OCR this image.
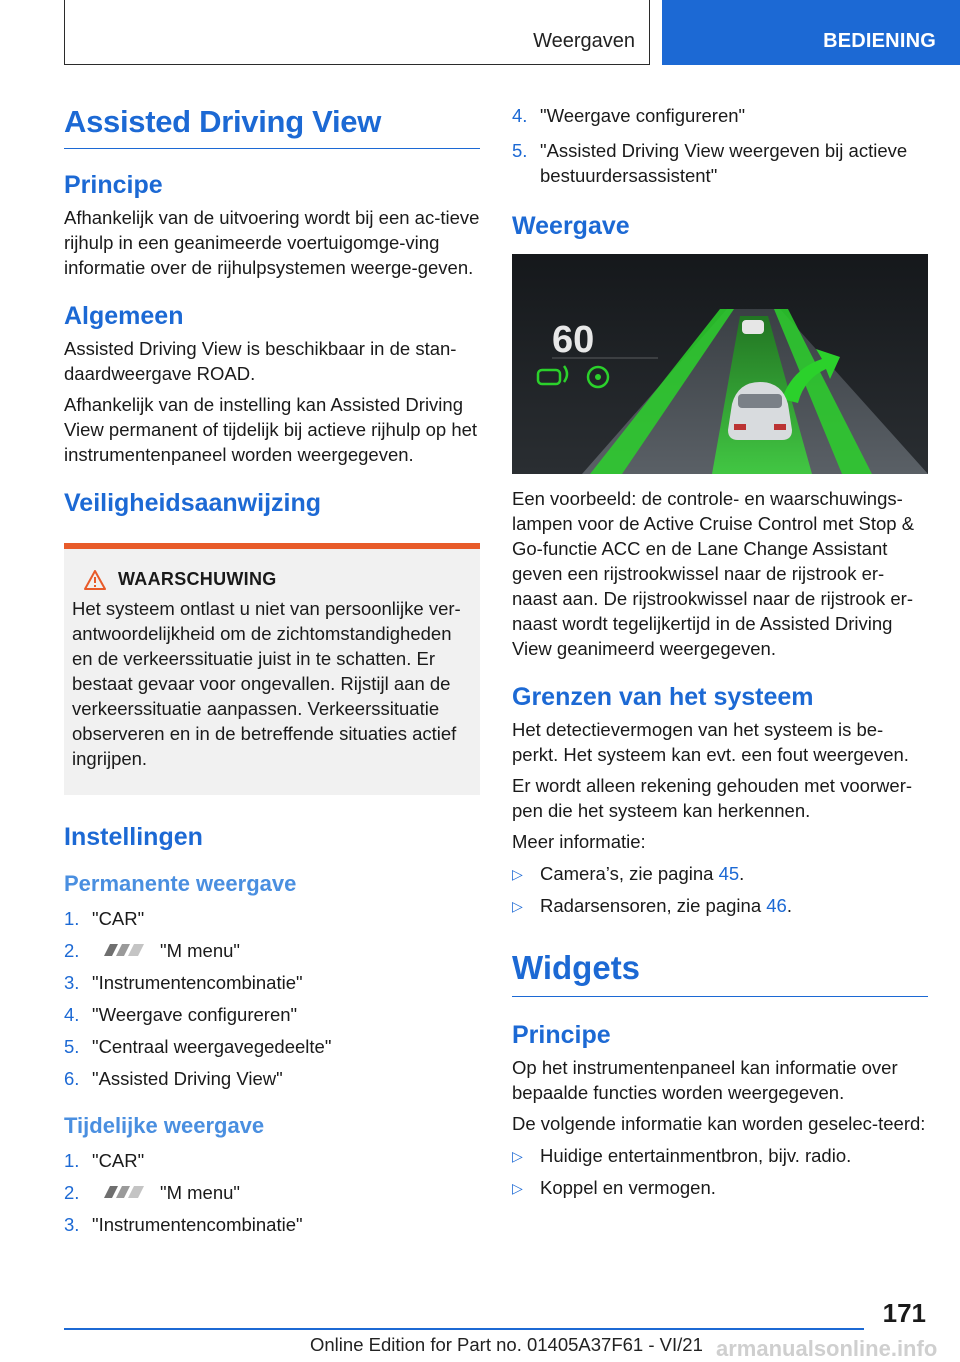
Weergaven	BEDIENING
Assisted Driving View
Principe
Afhankelijk van de uitvoering wordt bij een ac-tieve rijhulp in een geanimeerde voertuigomge-ving informatie over de rijhulpsystemen weerge-geven.
Algemeen
Assisted Driving View is beschikbaar in de stan-daardweergave ROAD.
Afhankelijk van de instelling kan Assisted Driving View permanent of tijdelijk bij actieve rijhulp op het instrumentenpaneel worden weergegeven.
Veiligheidsaanwijzing
WAARSCHUWING
Het systeem ontlast u niet van persoonlijke ver-antwoordelijkheid om de zichtomstandigheden en de verkeerssituatie juist in te schatten. Er bestaat gevaar voor ongevallen. Rijstijl aan de verkeerssituatie aanpassen. Verkeerssituatie observeren en in de betreffende situaties actief ingrijpen.
Instellingen
Permanente weergave
1. "CAR"
2.	"M menu"
3. "Instrumentencombinatie"
4. "Weergave configureren"
5. "Centraal weergavegedeelte"
6. "Assisted Driving View"
Tijdelijke weergave
1. "CAR"
2.	"M menu"
3. "Instrumentencombinatie"
4. "Weergave configureren"
5. "Assisted Driving View weergeven bij actieve bestuurdersassistent"
Weergave
60
Een voorbeeld: de controle- en waarschuwings-lampen voor de Active Cruise Control met Stop & Go-functie ACC en de Lane Change Assistant geven een rijstrookwissel naar de rijstrook er-naast aan. De rijstrookwissel naar de rijstrook er-naast wordt tegelijkertijd in de Assisted Driving View geanimeerd weergegeven.
Grenzen van het systeem
Het detectievermogen van het systeem is be-perkt. Het systeem kan evt. een fout weergeven.
Er wordt alleen rekening gehouden met voorwer-pen die het systeem kan herkennen.
Meer informatie:
▷ Camera’s, zie pagina 45.
▷ Radarsensoren, zie pagina 46.
Widgets
Principe
Op het instrumentenpaneel kan informatie over bepaalde functies worden weergegeven.
De volgende informatie kan worden geselec-teerd:
▷ Huidige entertainmentbron, bijv. radio.
▷ Koppel en vermogen.
171
Online Edition for Part no. 01405A37F61 - VI/21 armanualsonline.info
